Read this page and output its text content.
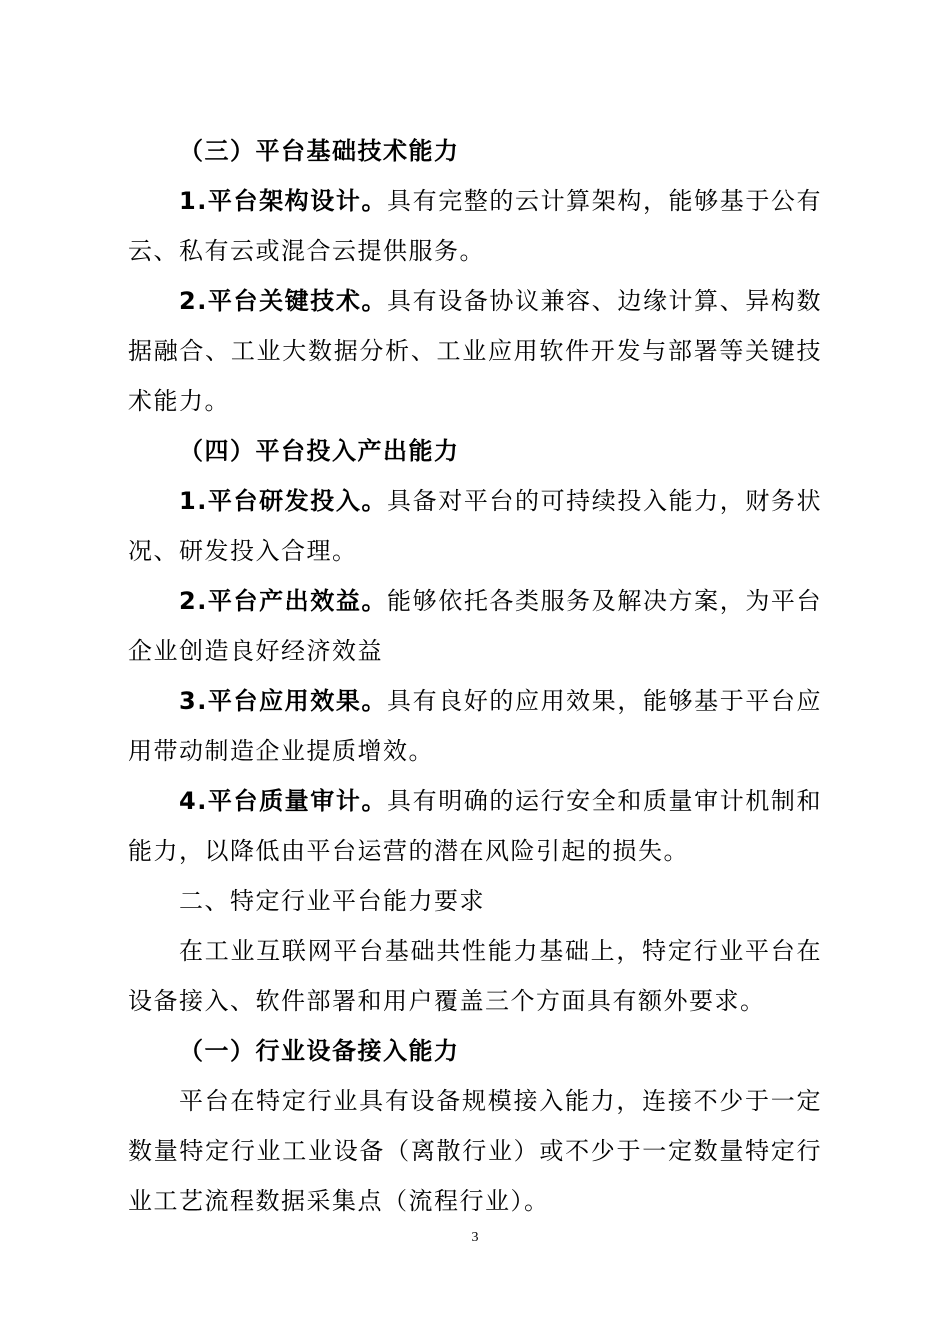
（三）平台基础技术能力

1.平台架构设计。具有完整的云计算架构，能够基于公有云、私有云或混合云提供服务。

2.平台关键技术。具有设备协议兼容、边缘计算、异构数据融合、工业大数据分析、工业应用软件开发与部署等关键技术能力。

（四）平台投入产出能力

1.平台研发投入。具备对平台的可持续投入能力，财务状况、研发投入合理。

2.平台产出效益。能够依托各类服务及解决方案，为平台企业创造良好经济效益

3.平台应用效果。具有良好的应用效果，能够基于平台应用带动制造企业提质增效。

4.平台质量审计。具有明确的运行安全和质量审计机制和能力，以降低由平台运营的潜在风险引起的损失。

二、特定行业平台能力要求

在工业互联网平台基础共性能力基础上，特定行业平台在设备接入、软件部署和用户覆盖三个方面具有额外要求。

（一）行业设备接入能力

平台在特定行业具有设备规模接入能力，连接不少于一定数量特定行业工业设备（离散行业）或不少于一定数量特定行业工艺流程数据采集点（流程行业）。

3
